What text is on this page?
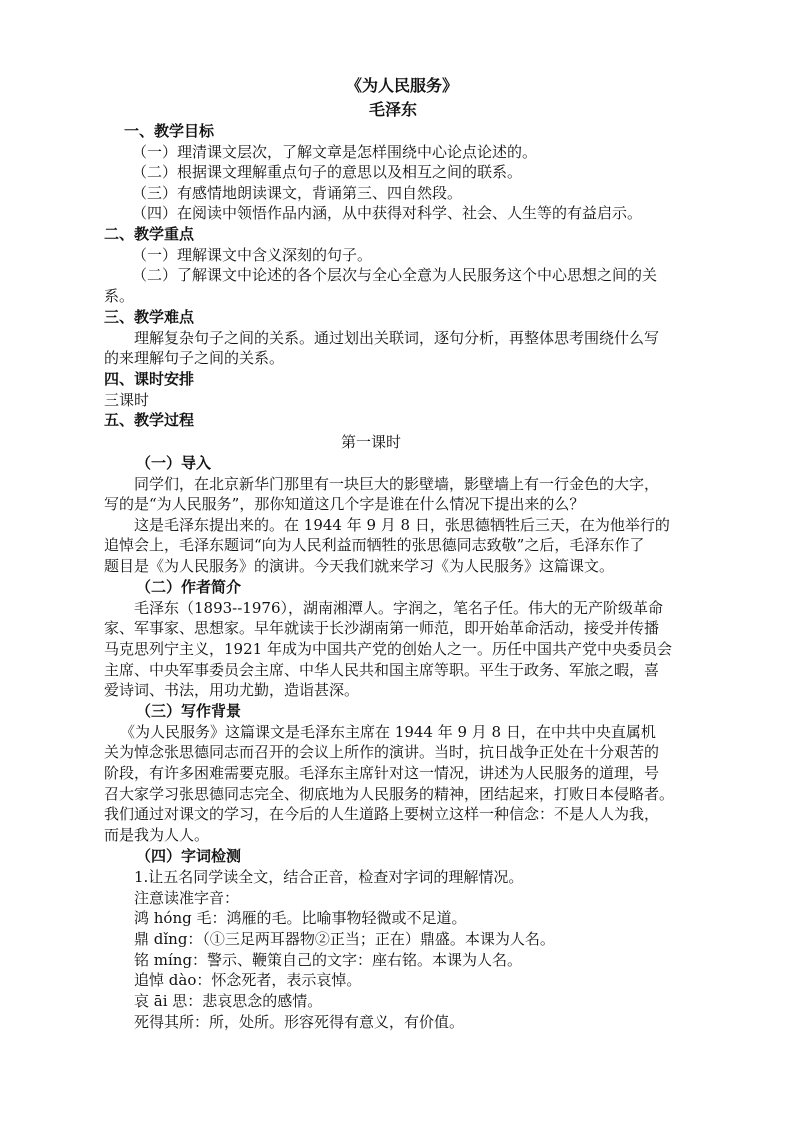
《为人民服务》
毛泽东
一、教学目标
（一）理清课文层次，了解文章是怎样围绕中心论点论述的。
（二）根据课文理解重点句子的意思以及相互之间的联系。
（三）有感情地朗读课文，背诵第三、四自然段。
（四）在阅读中领悟作品内涵，从中获得对科学、社会、人生等的有益启示。
二、教学重点
（一）理解课文中含义深刻的句子。
（二）了解课文中论述的各个层次与全心全意为人民服务这个中心思想之间的关
系。
三、教学难点
理解复杂句子之间的关系。通过划出关联词，逐句分析，再整体思考围绕什么写
的来理解句子之间的关系。
四、课时安排
三课时
五、教学过程
第一课时
（一）导入
同学们，在北京新华门那里有一块巨大的影壁墙，影壁墙上有一行金色的大字，
写的是“为人民服务”，那你知道这几个字是谁在什么情况下提出来的么？
这是毛泽东提出来的。在 1944 年 9 月 8 日，张思德牺牲后三天，在为他举行的
追悼会上，毛泽东题词“向为人民利益而牺牲的张思德同志致敬”之后，毛泽东作了
题目是《为人民服务》的演讲。今天我们就来学习《为人民服务》这篇课文。
（二）作者简介
毛泽东（1893--1976），湖南湘潭人。字润之，笔名子任。伟大的无产阶级革命
家、军事家、思想家。早年就读于长沙湖南第一师范，即开始革命活动，接受并传播
马克思列宁主义，1921 年成为中国共产党的创始人之一。历任中国共产党中央委员会
主席、中央军事委员会主席、中华人民共和国主席等职。平生于政务、军旅之暇，喜
爱诗词、书法，用功尤勤，造诣甚深。
（三）写作背景
《为人民服务》这篇课文是毛泽东主席在 1944 年 9 月 8 日，在中共中央直属机
关为悼念张思德同志而召开的会议上所作的演讲。当时，抗日战争正处在十分艰苦的
阶段，有许多困难需要克服。毛泽东主席针对这一情况，讲述为人民服务的道理，号
召大家学习张思德同志完全、彻底地为人民服务的精神，团结起来，打败日本侵略者。
我们通过对课文的学习，在今后的人生道路上要树立这样一种信念：不是人人为我，
而是我为人人。
（四）字词检测
1.让五名同学读全文，结合正音，检查对字词的理解情况。
注意读准字音：
鸿 hóng 毛：鸿雁的毛。比喻事物轻微或不足道。
鼎 dǐng：（①三足两耳器物②正当；正在）鼎盛。本课为人名。
铭 míng：警示、鞭策自己的文字：座右铭。本课为人名。
追悼 dào：怀念死者，表示哀悼。
哀 āi 思：悲哀思念的感情。
死得其所：所，处所。形容死得有意义，有价值。
